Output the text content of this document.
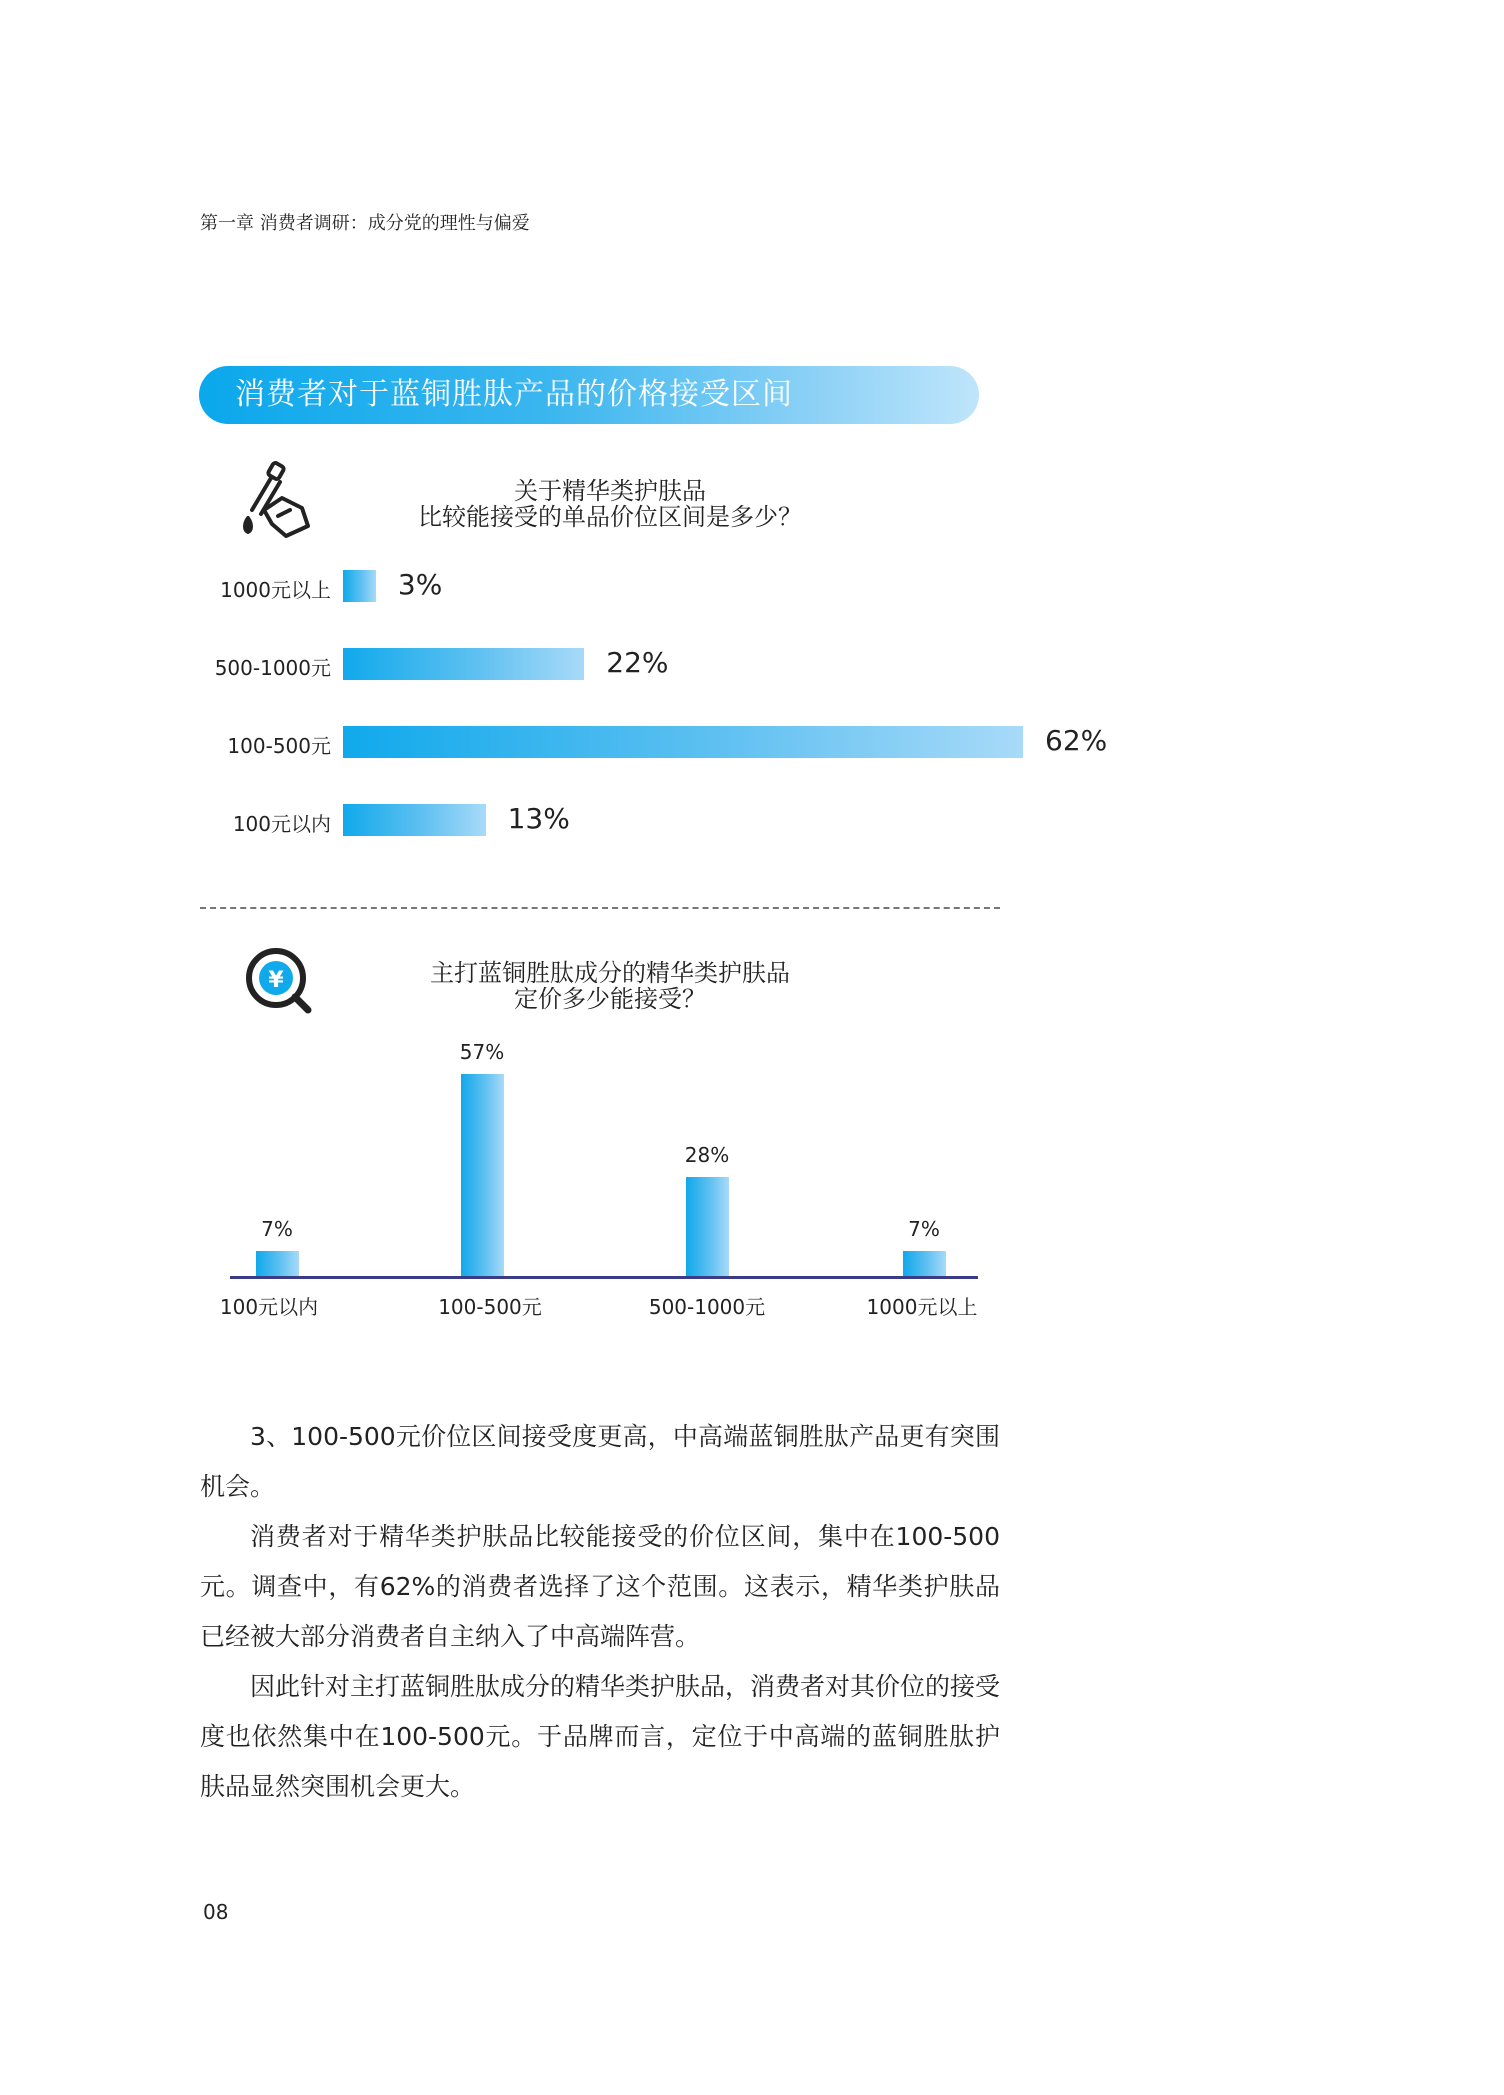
第一章 消费者调研：成分党的理性与偏爱
消费者对于蓝铜胜肽产品的价格接受区间
关于精华类护肤品
比较能接受的单品价位区间是多少？
1000元以上 3%
500-1000元	22%
100-500元	62%
100元以内	13%
¥	主打蓝铜胜肽成分的精华类护肤品
定价多少能接受？
7%
100元以内
57%
100-500元
28%
500-1000元
7%
1000元以上

3、100-500元价位区间接受度更高，中高端蓝铜胜肽产品更有突围机会。

消费者对于精华类护肤品比较能接受的价位区间，集中在100-500元。调查中，有62%的消费者选择了这个范围。这表示，精华类护肤品已经被大部分消费者自主纳入了中高端阵营。

因此针对主打蓝铜胜肽成分的精华类护肤品，消费者对其价位的接受度也依然集中在100-500元。于品牌而言，定位于中高端的蓝铜胜肽护肤品显然突围机会更大。

08
